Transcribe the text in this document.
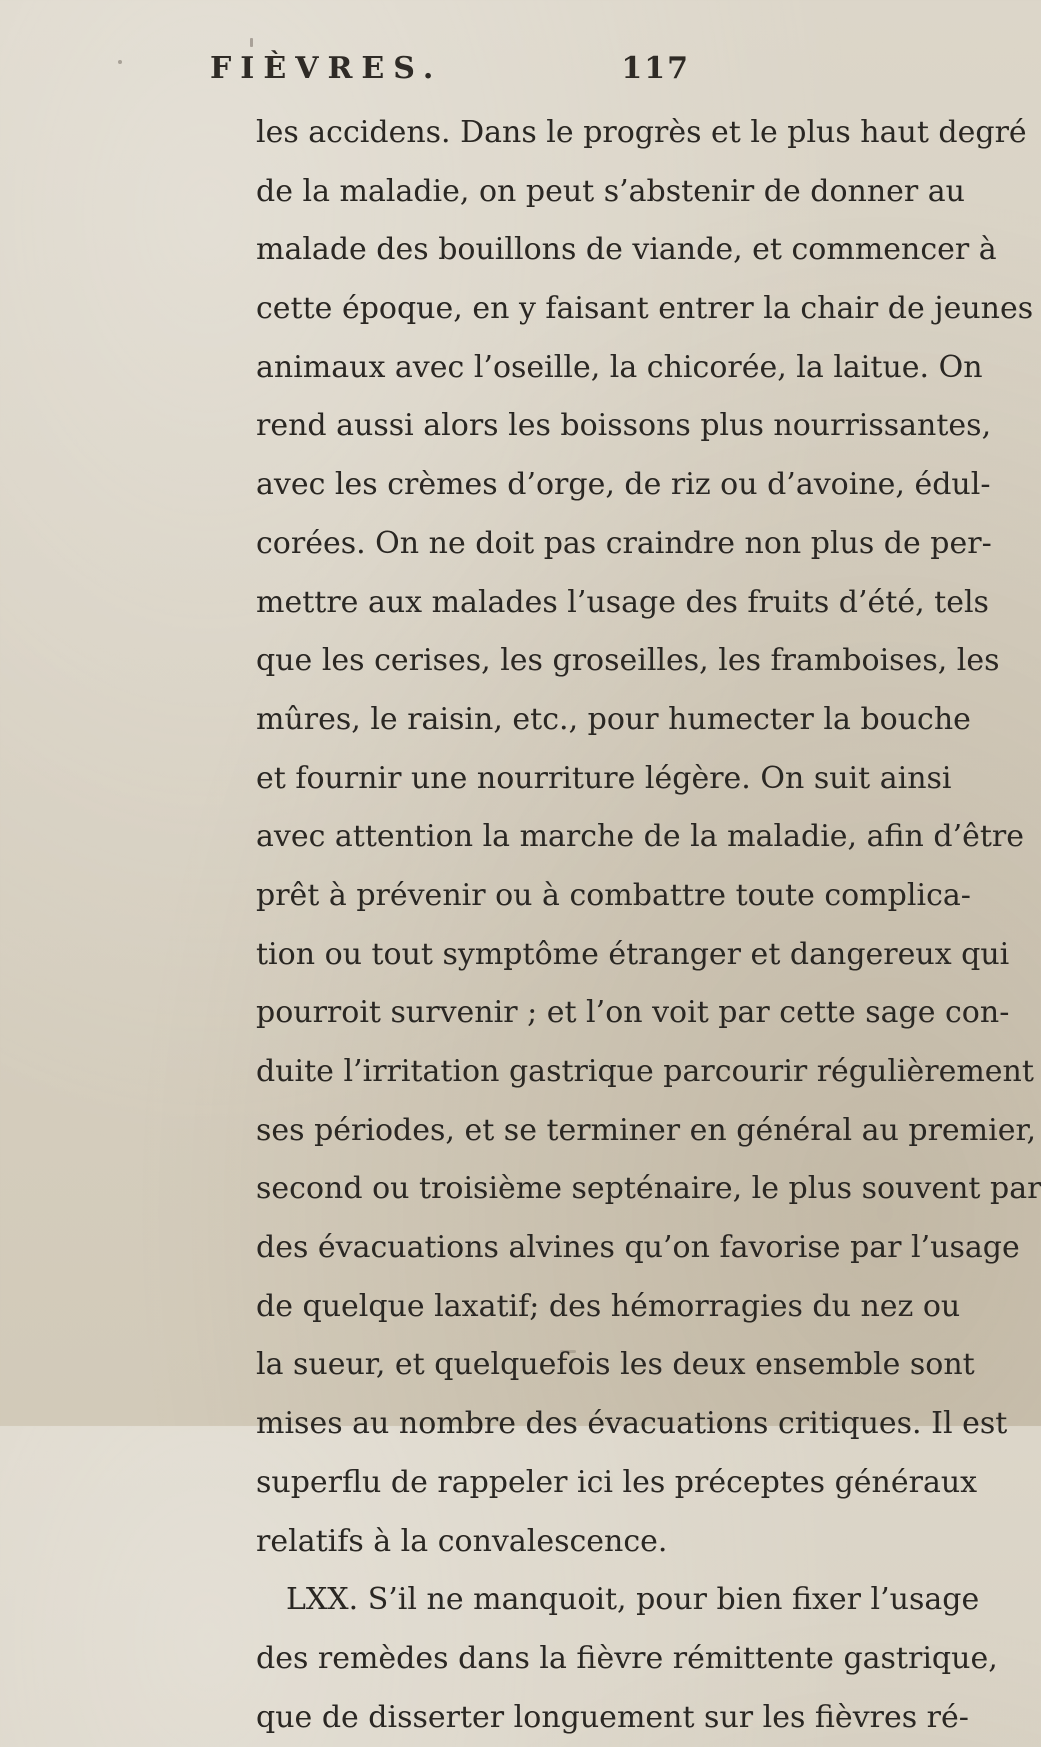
FIÈVRES.	117
les accidens. Dans le progrès et le plus haut degré
de la maladie, on peut s’abstenir de donner au
malade des bouillons de viande, et commencer à
cette époque, en y faisant entrer la chair de jeunes
animaux avec l’oseille, la chicorée, la laitue. On
rend aussi alors les boissons plus nourrissantes,
avec les crèmes d’orge, de riz ou d’avoine, édul-
corées. On ne doit pas craindre non plus de per-
mettre aux malades l’usage des fruits d’été, tels
que les cerises, les groseilles, les framboises, les
mûres, le raisin, etc., pour humecter la bouche
et fournir une nourriture légère. On suit ainsi
avec attention la marche de la maladie, afin d’être
prêt à prévenir ou à combattre toute complica-
tion ou tout symptôme étranger et dangereux qui
pourroit survenir ; et l’on voit par cette sage con-
duite l’irritation gastrique parcourir régulièrement
ses périodes, et se terminer en général au premier,
second ou troisième septénaire, le plus souvent par
des évacuations alvines qu’on favorise par l’usage
de quelque laxatif; des hémorragies du nez ou
la sueur, et quelquefois les deux ensemble sont
mises au nombre des évacuations critiques. Il est
superflu de rappeler ici les préceptes généraux
relatifs à la convalescence.
LXX. S’il ne manquoit, pour bien fixer l’usage
des remèdes dans la fièvre rémittente gastrique,
que de disserter longuement sur les fièvres ré-
